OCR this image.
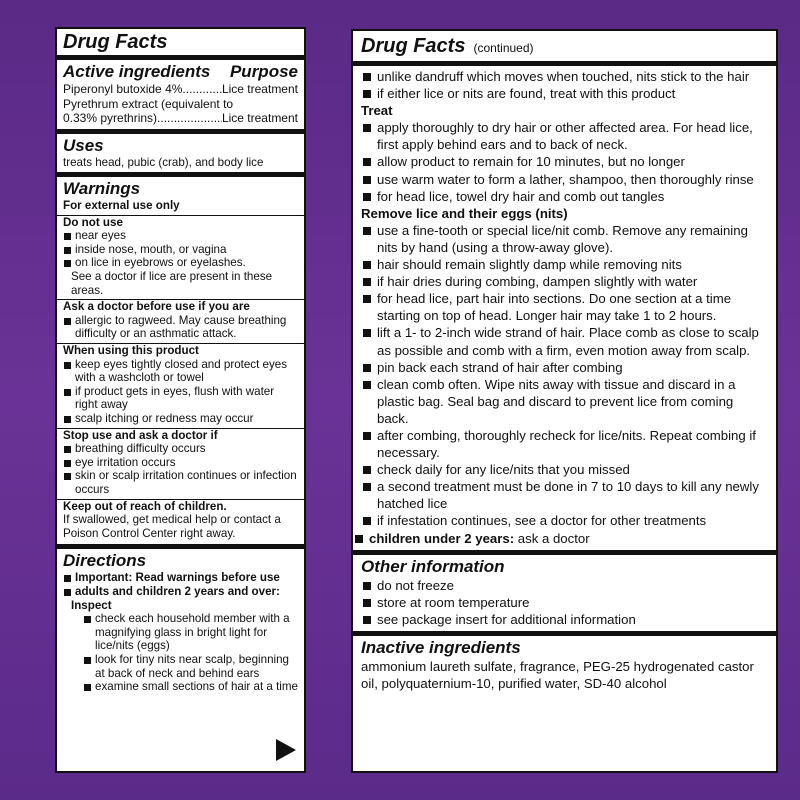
Drug Facts
Active ingredients Purpose
Piperonyl butoxide 4% .....	Lice treatment
Pyrethrum extract (equivalent to
0.33% pyrethrins) .....	Lice treatment
Uses
treats head, pubic (crab), and body lice
Warnings
For external use only
Do not use
near eyes
inside nose, mouth, or vagina
on lice in eyebrows or eyelashes.
See a doctor if lice are present in these areas.
Ask a doctor before use if you are
allergic to ragweed. May cause breathing difficulty or an asthmatic attack.
When using this product
keep eyes tightly closed and protect eyes with a washcloth or towel
if product gets in eyes, flush with water right away
scalp itching or redness may occur
Stop use and ask a doctor if
breathing difficulty occurs
eye irritation occurs
skin or scalp irritation continues or infection occurs
Keep out of reach of children.
If swallowed, get medical help or contact a Poison Control Center right away.
Directions
Important: Read warnings before use
adults and children 2 years and over:
Inspect
check each household member with a magnifying glass in bright light for lice/nits (eggs)
look for tiny nits near scalp, beginning at back of neck and behind ears
examine small sections of hair at a time
Drug Facts (continued)
unlike dandruff which moves when touched, nits stick to the hair
if either lice or nits are found, treat with this product
Treat
apply thoroughly to dry hair or other affected area. For head lice, first apply behind ears and to back of neck.
allow product to remain for 10 minutes, but no longer
use warm water to form a lather, shampoo, then thoroughly rinse
for head lice, towel dry hair and comb out tangles
Remove lice and their eggs (nits)
use a fine-tooth or special lice/nit comb. Remove any remaining nits by hand (using a throw-away glove).
hair should remain slightly damp while removing nits
if hair dries during combing, dampen slightly with water
for head lice, part hair into sections. Do one section at a time starting on top of head. Longer hair may take 1 to 2 hours.
lift a 1- to 2-inch wide strand of hair. Place comb as close to scalp as possible and comb with a firm, even motion away from scalp.
pin back each strand of hair after combing
clean comb often. Wipe nits away with tissue and discard in a plastic bag. Seal bag and discard to prevent lice from coming back.
after combing, thoroughly recheck for lice/nits. Repeat combing if necessary.
check daily for any lice/nits that you missed
a second treatment must be done in 7 to 10 days to kill any newly hatched lice
if infestation continues, see a doctor for other treatments
children under 2 years: ask a doctor
Other information
do not freeze
store at room temperature
see package insert for additional information
Inactive ingredients
ammonium laureth sulfate, fragrance, PEG-25 hydrogenated castor oil, polyquaternium-10, purified water, SD-40 alcohol
